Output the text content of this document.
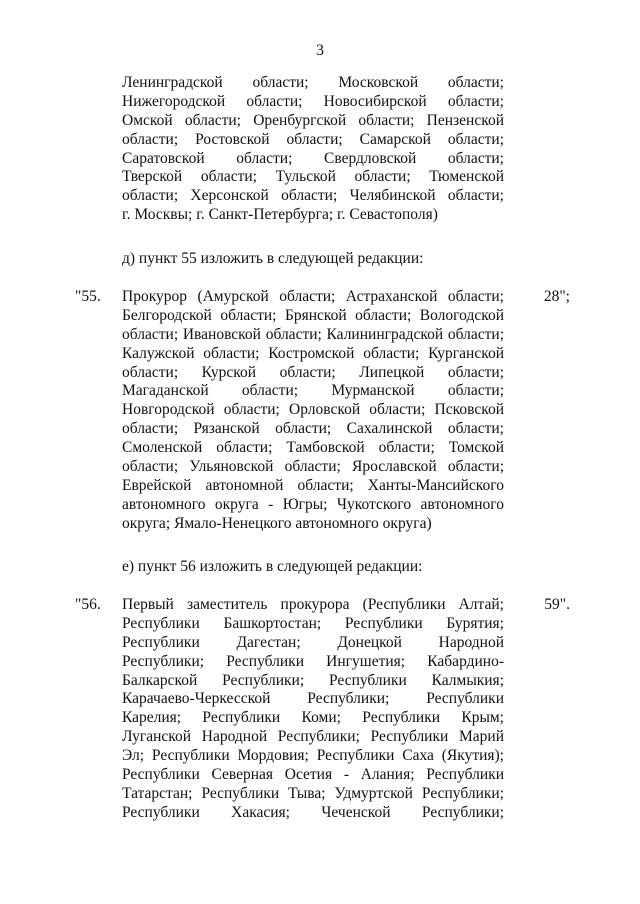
3
Ленинградской области; Московской области;
Нижегородской области; Новосибирской области;
Омской области; Оренбургской области; Пензенской
области; Ростовской области; Самарской области;
Саратовской области; Свердловской области;
Тверской области; Тульской области; Тюменской
области; Херсонской области; Челябинской области;
г. Москвы; г. Санкт-Петербурга; г. Севастополя)
д) пункт 55 изложить в следующей редакции:
"55.	28";
Прокурор (Амурской области; Астраханской области;
Белгородской области; Брянской области; Вологодской
области; Ивановской области; Калининградской области;
Калужской области; Костромской области; Курганской
области; Курской области; Липецкой области;
Магаданской области; Мурманской области;
Новгородской области; Орловской области; Псковской
области; Рязанской области; Сахалинской области;
Смоленской области; Тамбовской области; Томской
области; Ульяновской области; Ярославской области;
Еврейской автономной области; Ханты-Мансийского
автономного округа - Югры; Чукотского автономного
округа; Ямало-Ненецкого автономного округа)
е) пункт 56 изложить в следующей редакции:
"56.	59".
Первый заместитель прокурора (Республики Алтай;
Республики Башкортостан; Республики Бурятия;
Республики Дагестан; Донецкой Народной
Республики; Республики Ингушетия; Кабардино-
Балкарской Республики; Республики Калмыкия;
Карачаево-Черкесской Республики; Республики
Карелия; Республики Коми; Республики Крым;
Луганской Народной Республики; Республики Марий
Эл; Республики Мордовия; Республики Саха (Якутия);
Республики Северная Осетия - Алания; Республики
Татарстан; Республики Тыва; Удмуртской Республики;
Республики Хакасия; Чеченской Республики;
